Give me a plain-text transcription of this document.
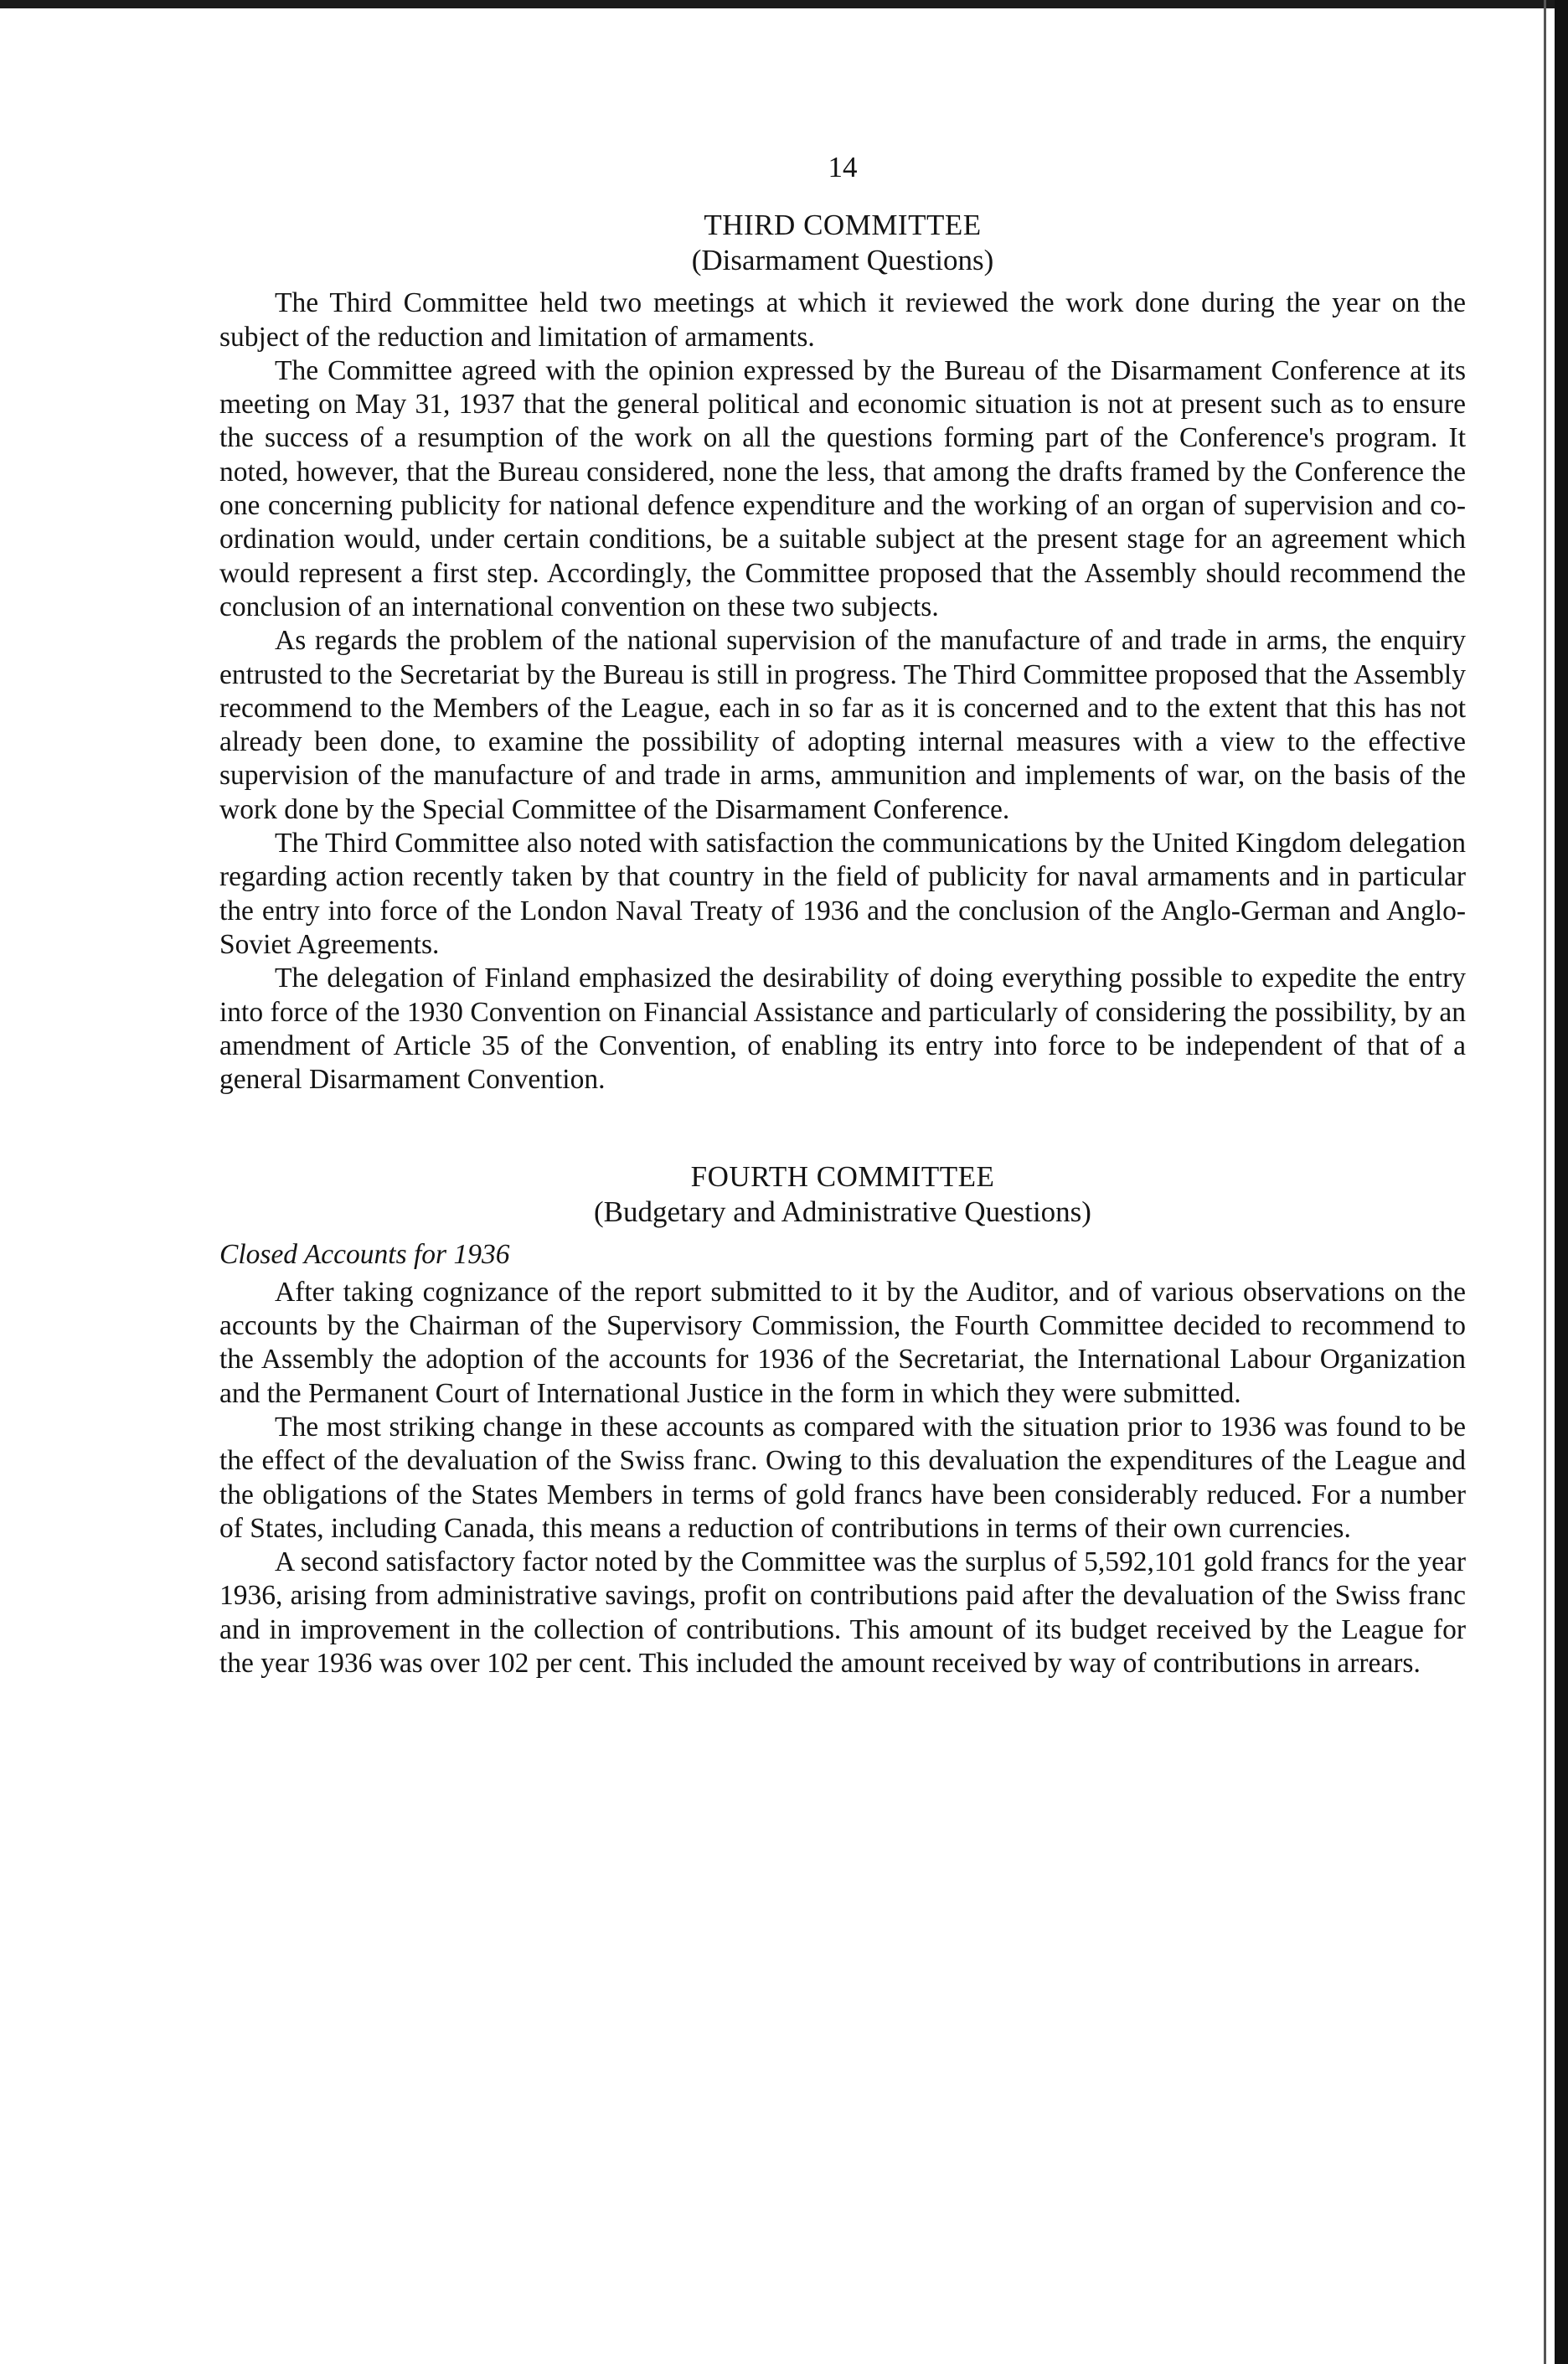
14
THIRD COMMITTEE
(Disarmament Questions)

The Third Committee held two meetings at which it reviewed the work done during the year on the subject of the reduction and limitation of armaments.

The Committee agreed with the opinion expressed by the Bureau of the Disarmament Conference at its meeting on May 31, 1937 that the general political and economic situation is not at present such as to ensure the success of a resumption of the work on all the questions forming part of the Conference's program. It noted, however, that the Bureau considered, none the less, that among the drafts framed by the Conference the one concerning publicity for national defence expenditure and the working of an organ of supervision and co-ordination would, under certain conditions, be a suitable subject at the present stage for an agreement which would represent a first step. Accordingly, the Committee proposed that the Assembly should recommend the conclusion of an international convention on these two subjects.

As regards the problem of the national supervision of the manufacture of and trade in arms, the enquiry entrusted to the Secretariat by the Bureau is still in progress. The Third Committee proposed that the Assembly recommend to the Members of the League, each in so far as it is concerned and to the extent that this has not already been done, to examine the possibility of adopting internal measures with a view to the effective supervision of the manufacture of and trade in arms, ammunition and implements of war, on the basis of the work done by the Special Committee of the Disarmament Conference.

The Third Committee also noted with satisfaction the communications by the United Kingdom delegation regarding action recently taken by that country in the field of publicity for naval armaments and in particular the entry into force of the London Naval Treaty of 1936 and the conclusion of the Anglo-German and Anglo-Soviet Agreements.

The delegation of Finland emphasized the desirability of doing everything possible to expedite the entry into force of the 1930 Convention on Financial Assistance and particularly of considering the possibility, by an amendment of Article 35 of the Convention, of enabling its entry into force to be independent of that of a general Disarmament Convention.

FOURTH COMMITTEE
(Budgetary and Administrative Questions)
Closed Accounts for 1936

After taking cognizance of the report submitted to it by the Auditor, and of various observations on the accounts by the Chairman of the Supervisory Commission, the Fourth Committee decided to recommend to the Assembly the adoption of the accounts for 1936 of the Secretariat, the International Labour Organization and the Permanent Court of International Justice in the form in which they were submitted.

The most striking change in these accounts as compared with the situation prior to 1936 was found to be the effect of the devaluation of the Swiss franc. Owing to this devaluation the expenditures of the League and the obligations of the States Members in terms of gold francs have been considerably reduced. For a number of States, including Canada, this means a reduction of contributions in terms of their own currencies.

A second satisfactory factor noted by the Committee was the surplus of 5,592,101 gold francs for the year 1936, arising from administrative savings, profit on contributions paid after the devaluation of the Swiss franc and in improvement in the collection of contributions. This amount of its budget received by the League for the year 1936 was over 102 per cent. This included the amount received by way of contributions in arrears.
